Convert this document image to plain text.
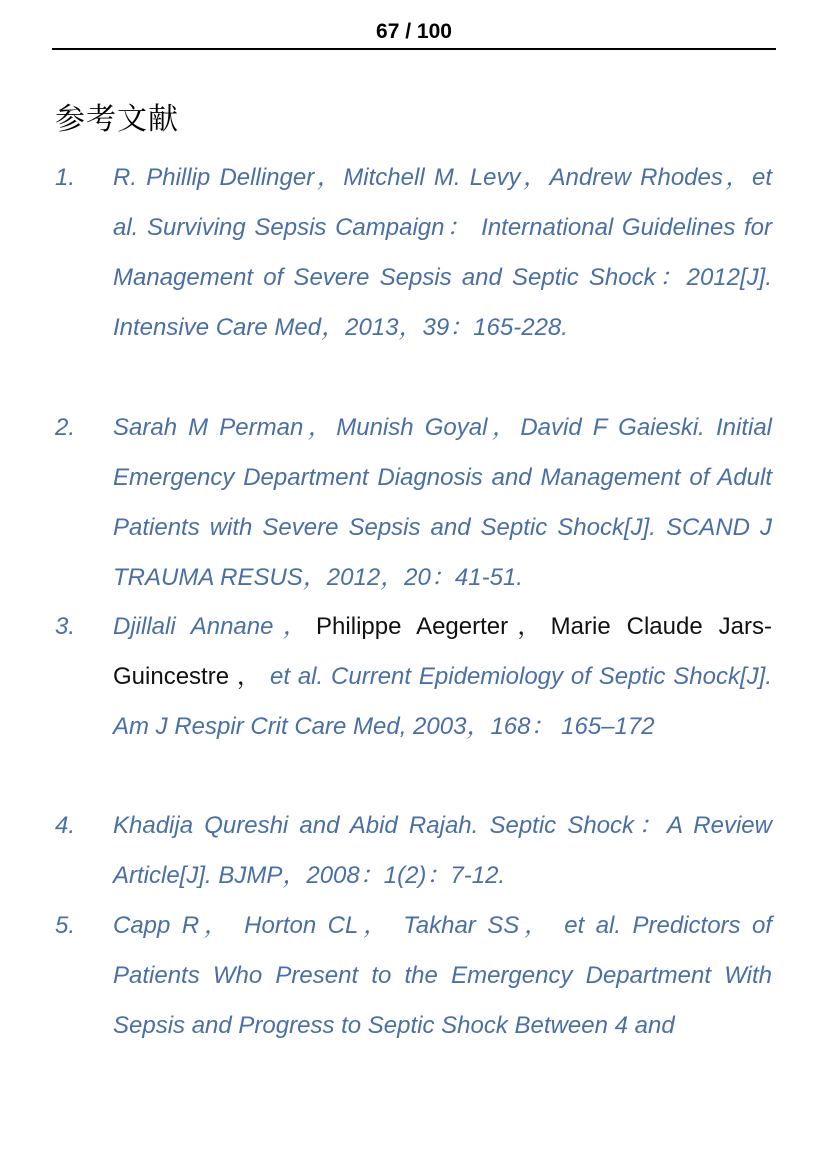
67 / 100
参考文献
1. R. Phillip Dellinger，Mitchell M. Levy，Andrew Rhodes，et al. Surviving Sepsis Campaign： International Guidelines for Management of Severe Sepsis and Septic Shock：2012[J]. Intensive Care Med，2013，39：165-228.
2. Sarah M Perman，Munish Goyal，David F Gaieski. Initial Emergency Department Diagnosis and Management of Adult Patients with Severe Sepsis and Septic Shock[J]. SCAND J TRAUMA RESUS，2012，20：41-51.
3. Djillali Annane，Philippe Aegerter，Marie Claude Jars-Guincestre ， et al. Current Epidemiology of Septic Shock[J]. Am J Respir Crit Care Med, 2003，168： 165–172
4. Khadija Qureshi and Abid Rajah. Septic Shock：A Review Article[J]. BJMP，2008：1(2)：7-12.
5. Capp R， Horton CL， Takhar SS， et al. Predictors of Patients Who Present to the Emergency Department With Sepsis and Progress to Septic Shock Between 4 and
